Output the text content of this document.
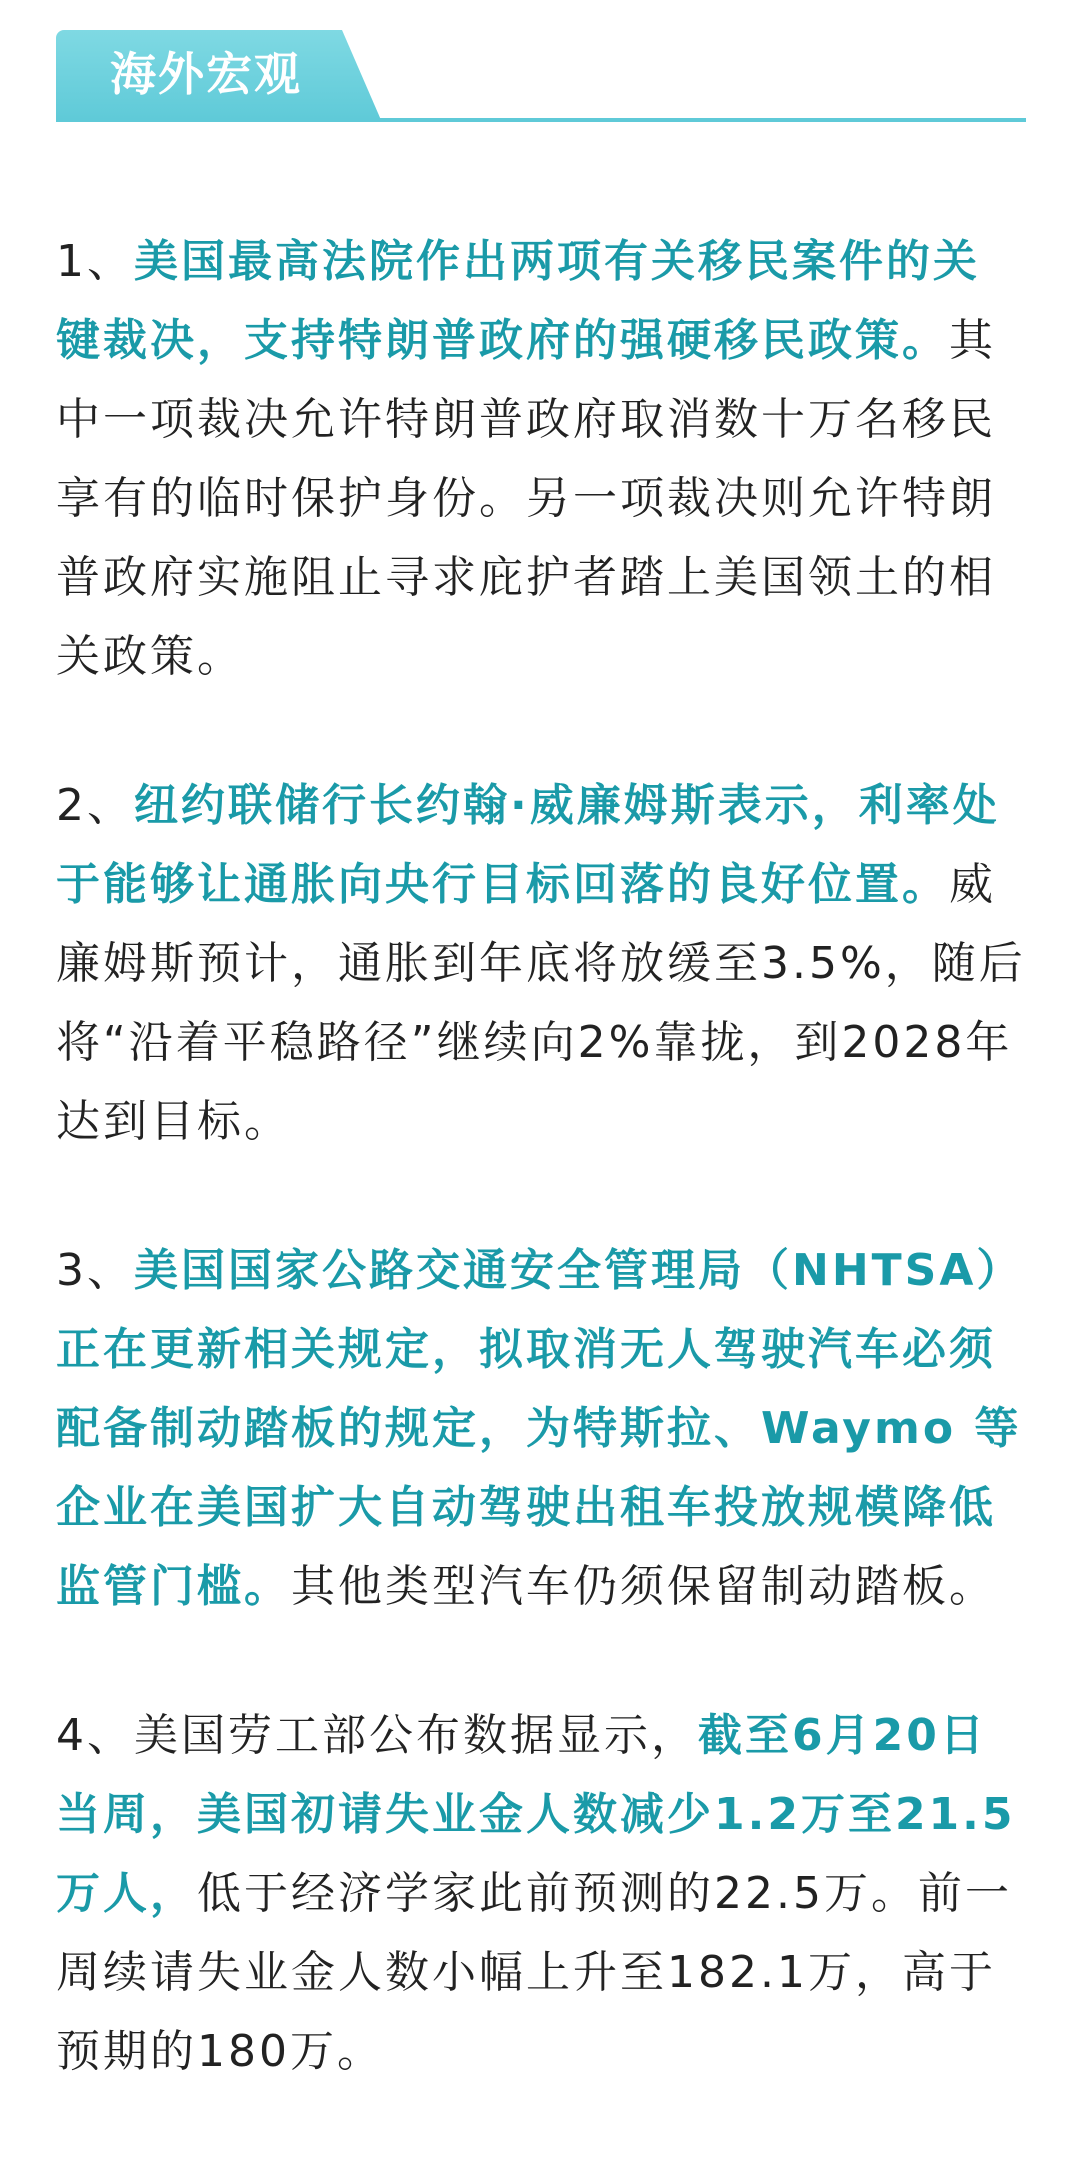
海外宏观

1、美国最高法院作出两项有关移民案件的关键裁决，支持特朗普政府的强硬移民政策。其中一项裁决允许特朗普政府取消数十万名移民享有的临时保护身份。另一项裁决则允许特朗普政府实施阻止寻求庇护者踏上美国领土的相关政策。

2、纽约联储行长约翰·威廉姆斯表示，利率处于能够让通胀向央行目标回落的良好位置。威廉姆斯预计，通胀到年底将放缓至3.5%，随后将“沿着平稳路径”继续向2%靠拢，到2028年达到目标。

3、美国国家公路交通安全管理局（NHTSA）正在更新相关规定，拟取消无人驾驶汽车必须配备制动踏板的规定，为特斯拉、Waymo 等企业在美国扩大自动驾驶出租车投放规模降低监管门槛。其他类型汽车仍须保留制动踏板。

4、美国劳工部公布数据显示，截至6月20日当周，美国初请失业金人数减少1.2万至21.5万人，低于经济学家此前预测的22.5万。前一周续请失业金人数小幅上升至182.1万，高于预期的180万。
